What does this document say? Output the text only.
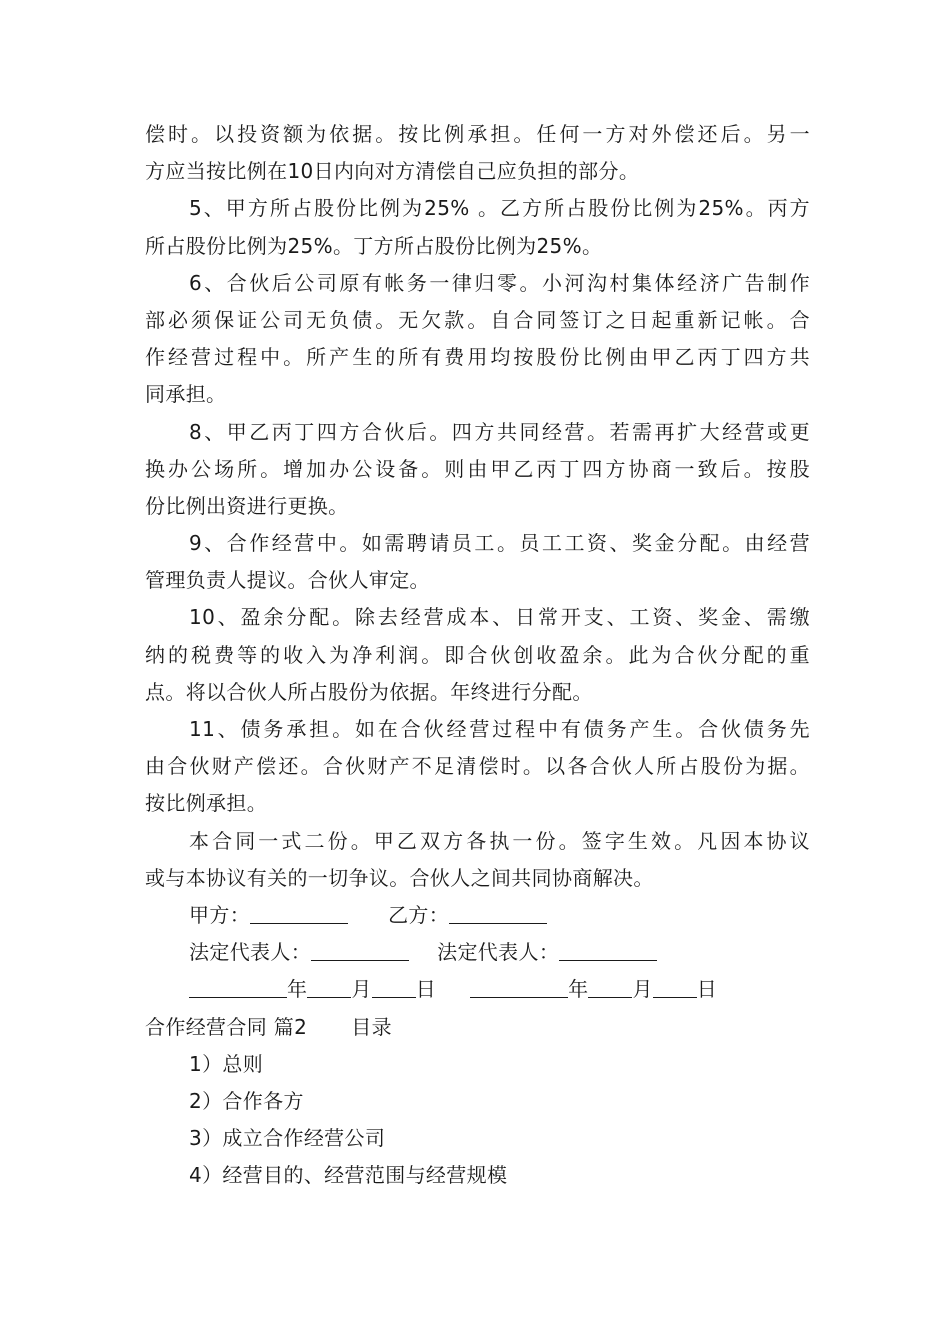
偿时。以投资额为依据。按比例承担。任何一方对外偿还后。另一
方应当按比例在10日内向对方清偿自己应负担的部分。
5、甲方所占股份比例为25% 。乙方所占股份比例为25%。丙方
所占股份比例为25%。丁方所占股份比例为25%。
6、合伙后公司原有帐务一律归零。小河沟村集体经济广告制作
部必须保证公司无负债。无欠款。自合同签订之日起重新记帐。合
作经营过程中。所产生的所有费用均按股份比例由甲乙丙丁四方共
同承担。
8、甲乙丙丁四方合伙后。四方共同经营。若需再扩大经营或更
换办公场所。增加办公设备。则由甲乙丙丁四方协商一致后。按股
份比例出资进行更换。
9、合作经营中。如需聘请员工。员工工资、奖金分配。由经营
管理负责人提议。合伙人审定。
10、盈余分配。除去经营成本、日常开支、工资、奖金、需缴
纳的税费等的收入为净利润。即合伙创收盈余。此为合伙分配的重
点。将以合伙人所占股份为依据。年终进行分配。
11、债务承担。如在合伙经营过程中有债务产生。合伙债务先
由合伙财产偿还。合伙财产不足清偿时。以各合伙人所占股份为据。
按比例承担。
本合同一式二份。甲乙双方各执一份。签字生效。凡因本协议
或与本协议有关的一切争议。合伙人之间共同协商解决。
甲方：	乙方：
法定代表人：	法定代表人：
年 月 日	年 月 日
合作经营合同 篇2 目录
1）总则
2）合作各方
3）成立合作经营公司
4）经营目的、经营范围与经营规模
